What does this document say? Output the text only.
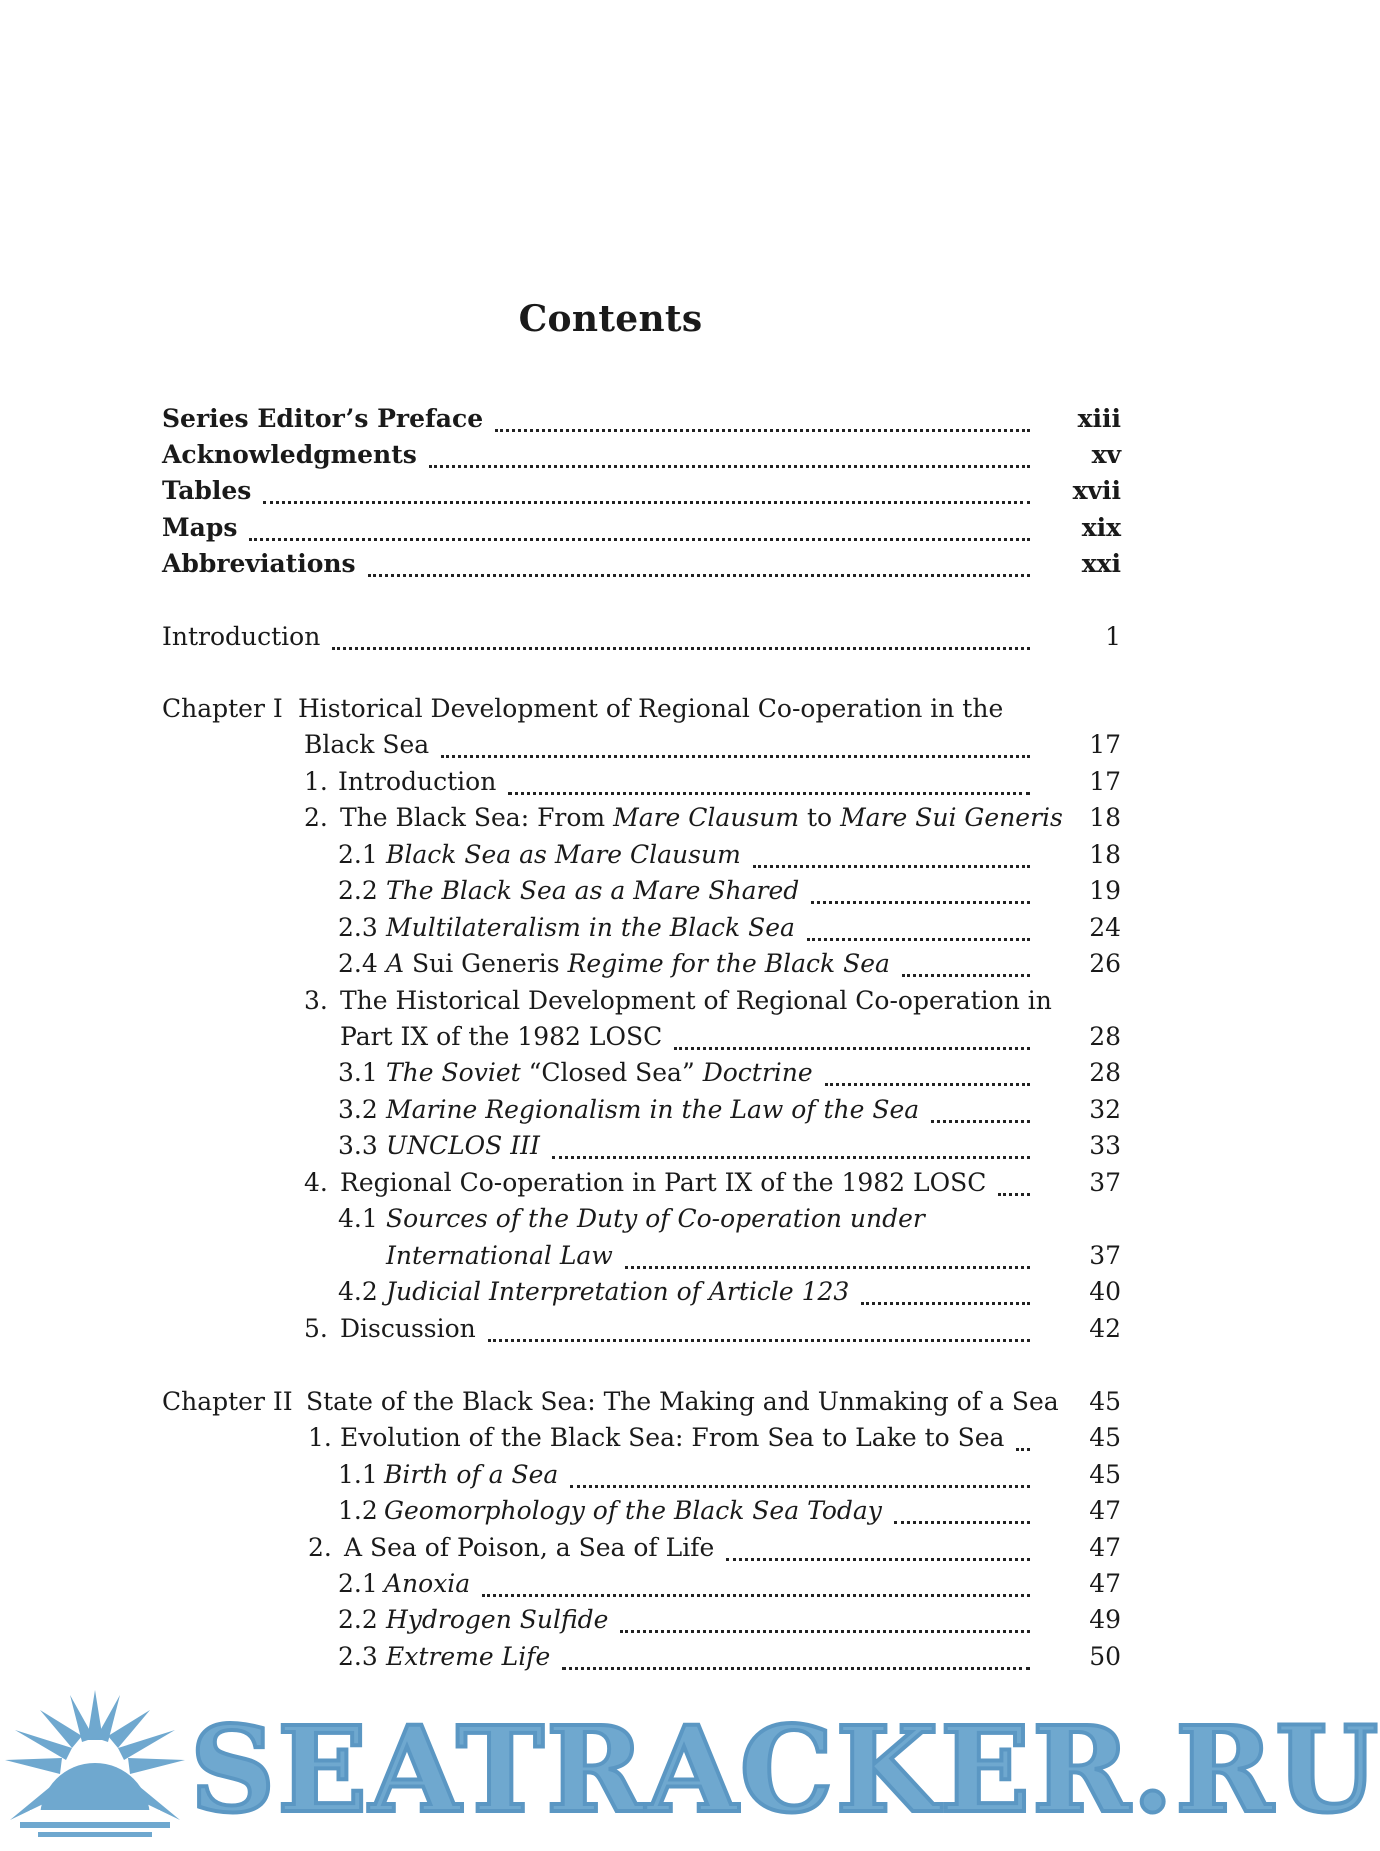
Contents
Series Editor’s Preface	xiii
Acknowledgments	xv
Tables	xvii
Maps	xix
Abbreviations	xxi
Introduction	1
Chapter I Historical Development of Regional Co-operation in the
Black Sea	17
1. Introduction	17
2. The Black Sea: From Mare Clausum to Mare Sui Generis 18
2.1 Black Sea as Mare Clausum	18
2.2 The Black Sea as a Mare Shared	19
2.3 Multilateralism in the Black Sea	24
2.4 A Sui Generis Regime for the Black Sea	26
3. The Historical Development of Regional Co-operation in
Part IX of the 1982 LOSC	28
3.1 The Soviet “Closed Sea” Doctrine	28
3.2 Marine Regionalism in the Law of the Sea	32
3.3 UNCLOS III	33
4. Regional Co-operation in Part IX of the 1982 LOSC	37
4.1 Sources of the Duty of Co-operation under
International Law	37
4.2 Judicial Interpretation of Article 123	40
5. Discussion	42
Chapter II State of the Black Sea: The Making and Unmaking of a Sea 45
1. Evolution of the Black Sea: From Sea to Lake to Sea	45
1.1 Birth of a Sea	45
1.2 Geomorphology of the Black Sea Today	47
2. A Sea of Poison, a Sea of Life	47
2.1 Anoxia	47
2.2 Hydrogen Sulfide	49
2.3 Extreme Life	50
SEATRACKER.RU
